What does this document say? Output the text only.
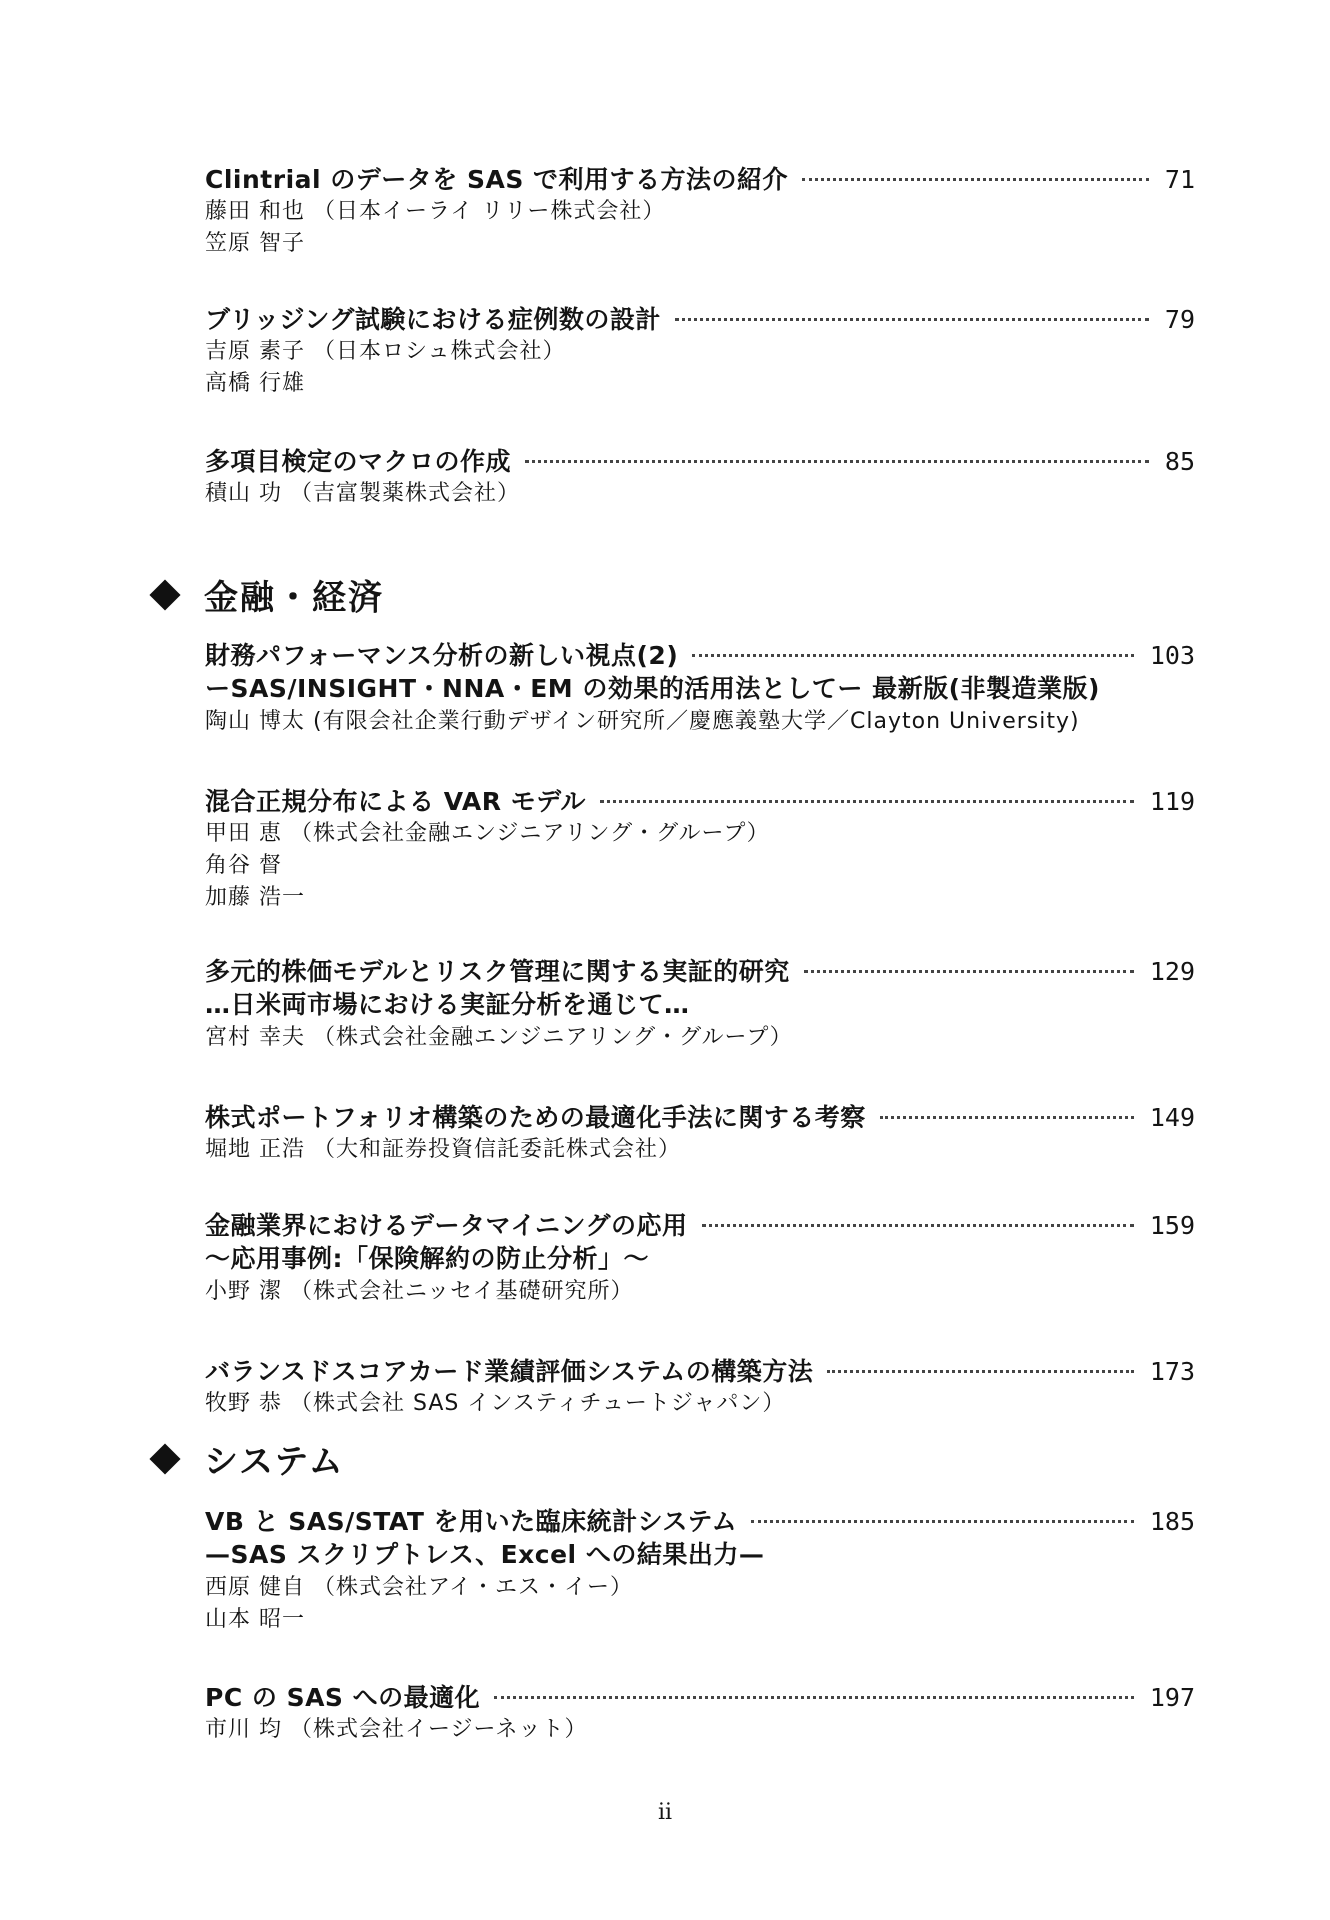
Clintrial のデータを SAS で利用する方法の紹介	71
藤田 和也 （日本イーライ リリー株式会社）
笠原 智子
ブリッジング試験における症例数の設計	79
吉原 素子 （日本ロシュ株式会社）
高橋 行雄
多項目検定のマクロの作成	85
積山 功 （吉富製薬株式会社）
金融・経済
財務パフォーマンス分析の新しい視点(2)	103
ーSAS/INSIGHT・NNA・EM の効果的活用法としてー 最新版(非製造業版)
陶山 博太 (有限会社企業行動デザイン研究所／慶應義塾大学／Clayton University)
混合正規分布による VAR モデル	119
甲田 恵 （株式会社金融エンジニアリング・グループ）
角谷 督
加藤 浩一
多元的株価モデルとリスク管理に関する実証的研究	129
…日米両市場における実証分析を通じて…
宮村 幸夫 （株式会社金融エンジニアリング・グループ）
株式ポートフォリオ構築のための最適化手法に関する考察	149
堀地 正浩 （大和証券投資信託委託株式会社）
金融業界におけるデータマイニングの応用	159
～応用事例:「保険解約の防止分析」～
小野 潔 （株式会社ニッセイ基礎研究所）
バランスドスコアカード業績評価システムの構築方法	173
牧野 恭 （株式会社 SAS インスティチュートジャパン）
システム
VB と SAS/STAT を用いた臨床統計システム	185
—SAS スクリプトレス、Excel への結果出力—
西原 健自 （株式会社アイ・エス・イー）
山本 昭一
PC の SAS への最適化	197
市川 均 （株式会社イージーネット）
ii
